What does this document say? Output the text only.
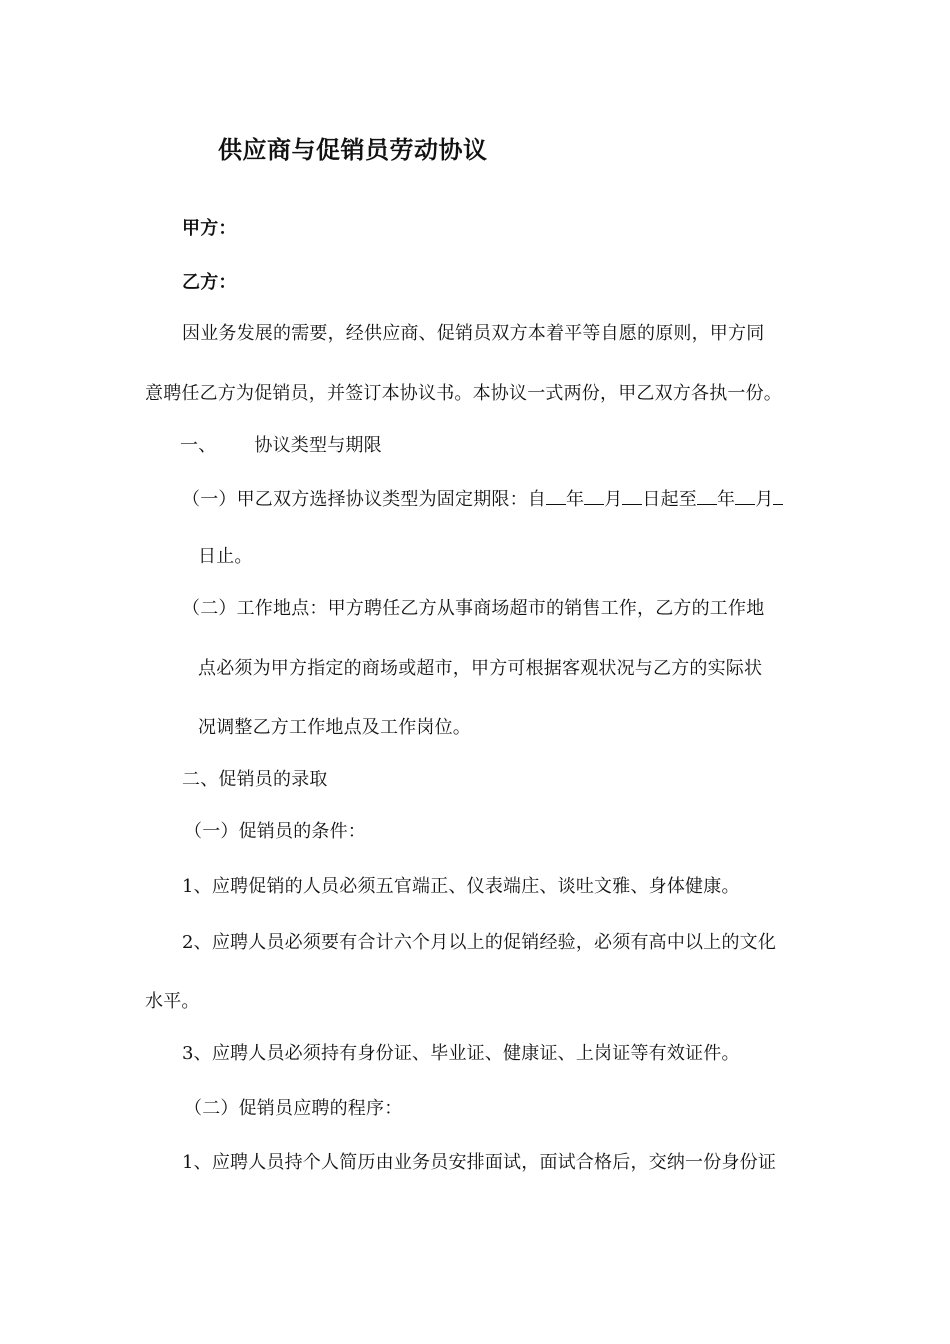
供应商与促销员劳动协议
甲方：
乙方：
因业务发展的需要，经供应商、促销员双方本着平等自愿的原则，甲方同
意聘任乙方为促销员，并签订本协议书。本协议一式两份，甲乙双方各执一份。
一、 协议类型与期限
（一）甲乙双方选择协议类型为固定期限：自 年 月 日起至 年 月
日止。
（二）工作地点：甲方聘任乙方从事商场超市的销售工作，乙方的工作地
点必须为甲方指定的商场或超市，甲方可根据客观状况与乙方的实际状
况调整乙方工作地点及工作岗位。
二、促销员的录取
（一）促销员的条件：
1、应聘促销的人员必须五官端正、仪表端庄、谈吐文雅、身体健康。
2、应聘人员必须要有合计六个月以上的促销经验，必须有高中以上的文化
水平。
3、应聘人员必须持有身份证、毕业证、健康证、上岗证等有效证件。
（二）促销员应聘的程序：
1、应聘人员持个人简历由业务员安排面试，面试合格后，交纳一份身份证
